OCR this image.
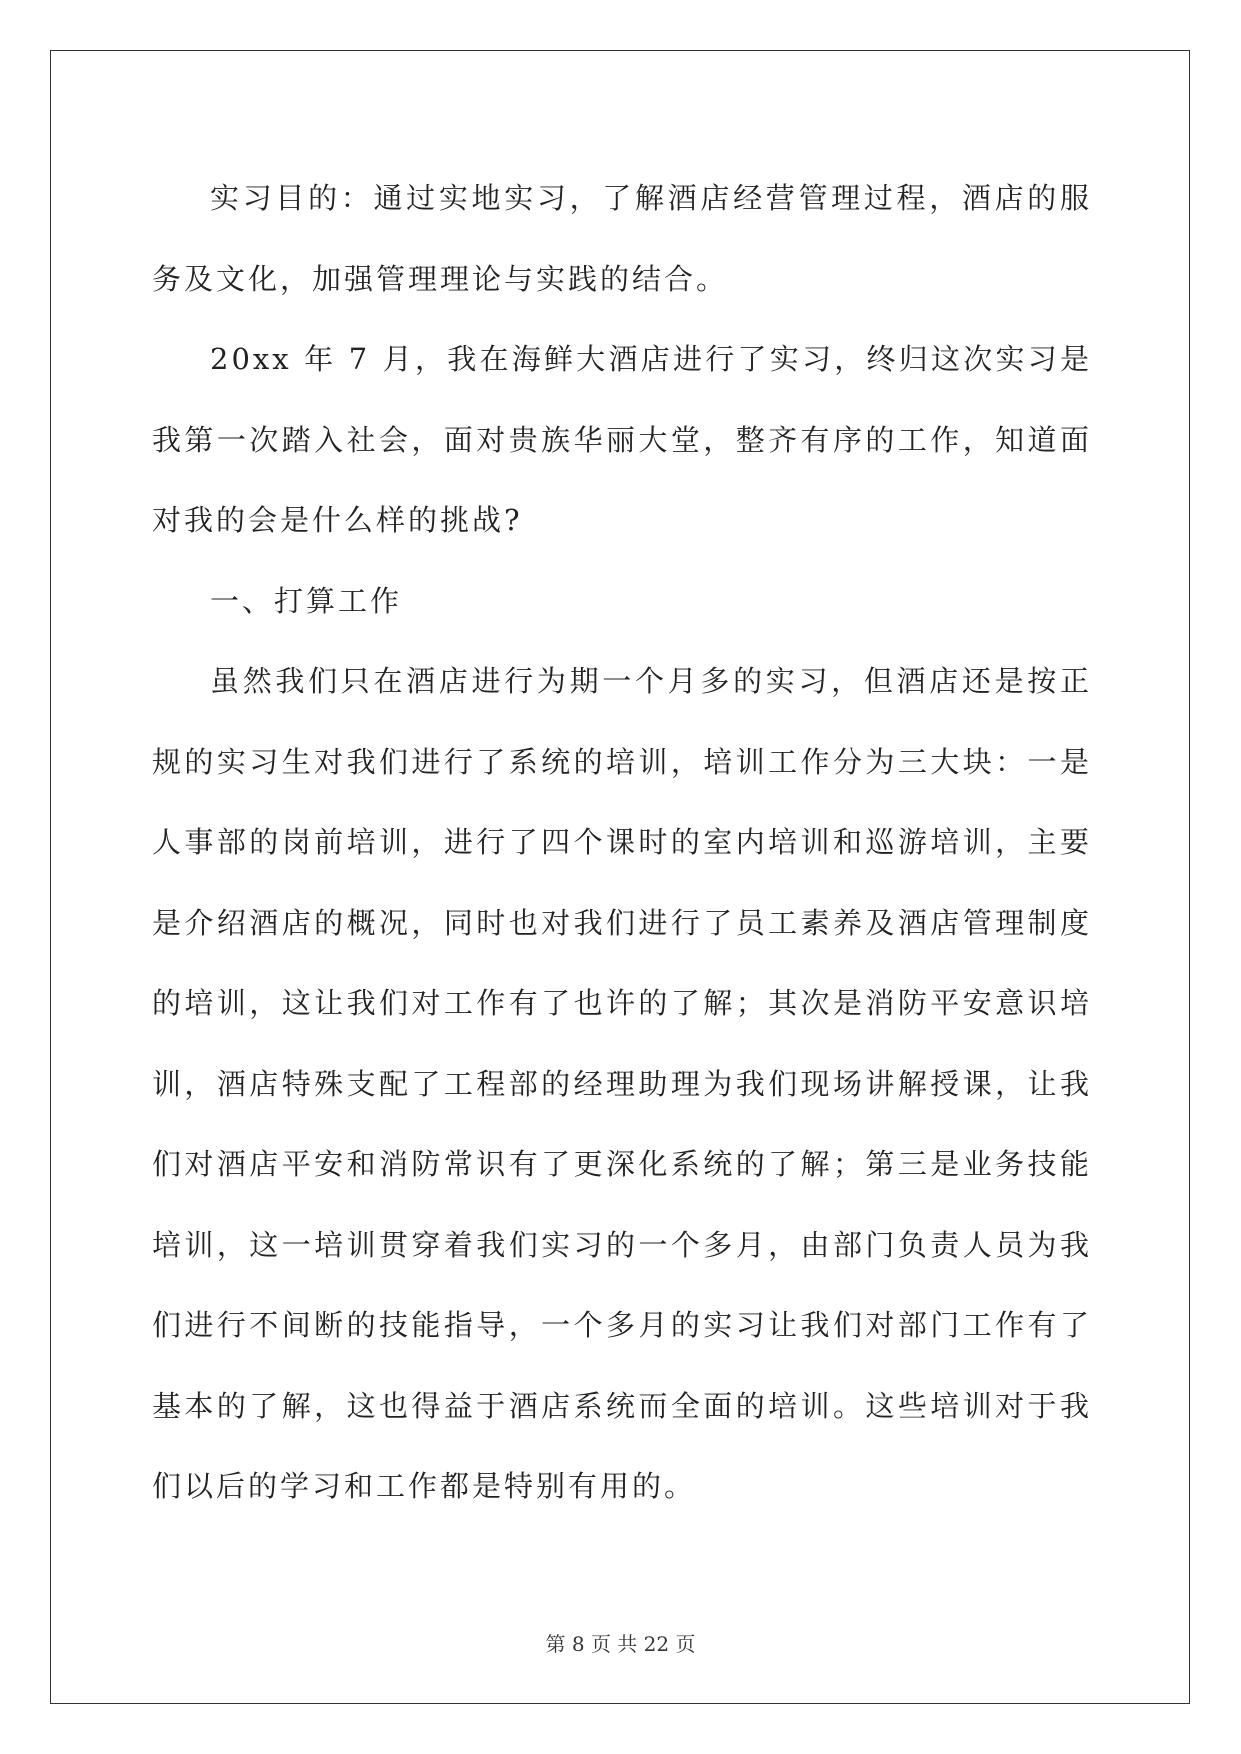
实习目的：通过实地实习，了解酒店经营管理过程，酒店的服务及文化，加强管理理论与实践的结合。

20xx 年 7 月，我在海鲜大酒店进行了实习，终归这次实习是我第一次踏入社会，面对贵族华丽大堂，整齐有序的工作，知道面对我的会是什么样的挑战?

一、打算工作

虽然我们只在酒店进行为期一个月多的实习，但酒店还是按正规的实习生对我们进行了系统的培训，培训工作分为三大块：一是人事部的岗前培训，进行了四个课时的室内培训和巡游培训，主要是介绍酒店的概况，同时也对我们进行了员工素养及酒店管理制度的培训，这让我们对工作有了也许的了解；其次是消防平安意识培训，酒店特殊支配了工程部的经理助理为我们现场讲解授课，让我们对酒店平安和消防常识有了更深化系统的了解；第三是业务技能培训，这一培训贯穿着我们实习的一个多月，由部门负责人员为我们进行不间断的技能指导，一个多月的实习让我们对部门工作有了基本的了解，这也得益于酒店系统而全面的培训。这些培训对于我们以后的学习和工作都是特别有用的。

第 8 页 共 22 页
